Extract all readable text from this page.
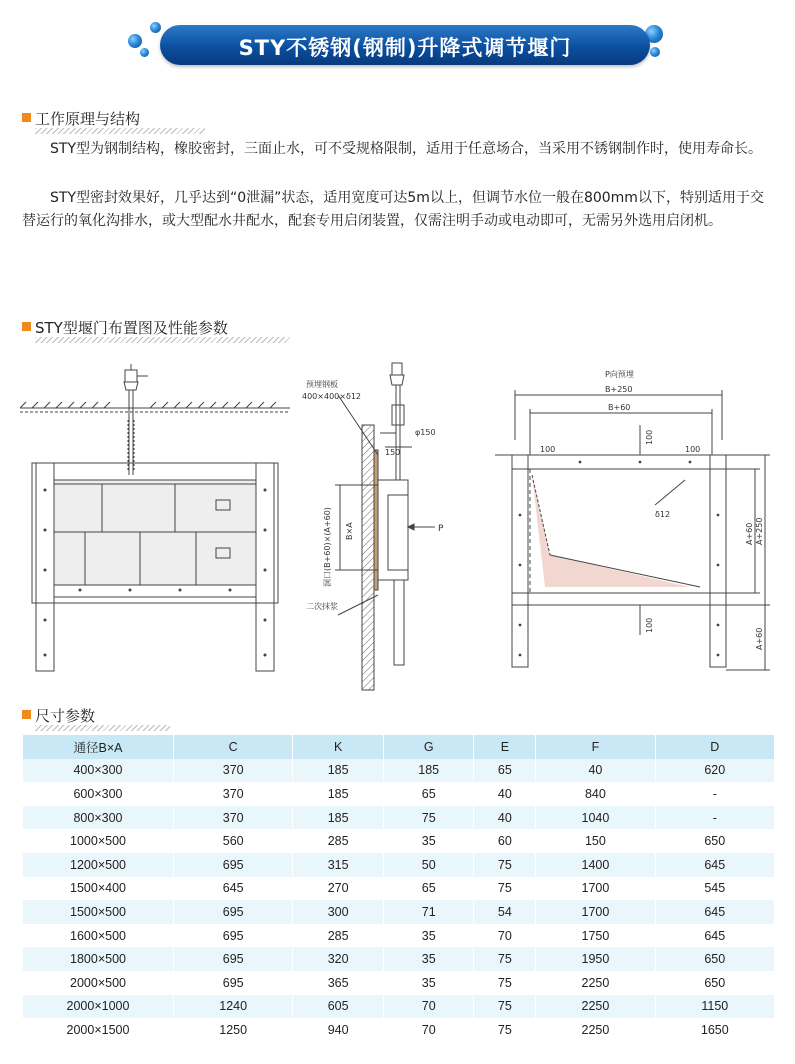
STY不锈钢(钢制)升降式调节堰门
工作原理与结构
STY型为钢制结构，橡胶密封，三面止水，可不受规格限制，适用于任意场合，当采用不锈钢制作时，使用寿命长。
STY型密封效果好，几乎达到“0泄漏”状态，适用宽度可达5m以上，但调节水位一般在800mm以下，特别适用于交替运行的氧化沟排水，或大型配水井配水，配套专用启闭装置，仅需注明手动或电动即可，无需另外选用启闭机。
STY型堰门布置图及性能参数
预埋钢板
400×400×δ12
φ150
150
B×A
洞口(B+60)×(A+60)	P
二次抹浆
P向预埋
B+250
B+60
100	100
100
100
δ12
A+60 A+250
A+60
尺寸参数
通径B×A	C	K	G	E	F	D
400×300	370	185	185	65	40	620
600×300	370	185	65	40	840	-
800×300	370	185	75	40	1040	-
1000×500	560	285	35	60	150	650
1200×500	695	315	50	75	1400	645
1500×400	645	270	65	75	1700	545
1500×500	695	300	71	54	1700	645
1600×500	695	285	35	70	1750	645
1800×500	695	320	35	75	1950	650
2000×500	695	365	35	75	2250	650
2000×1000	1240	605	70	75	2250	1150
2000×1500	1250	940	70	75	2250	1650
